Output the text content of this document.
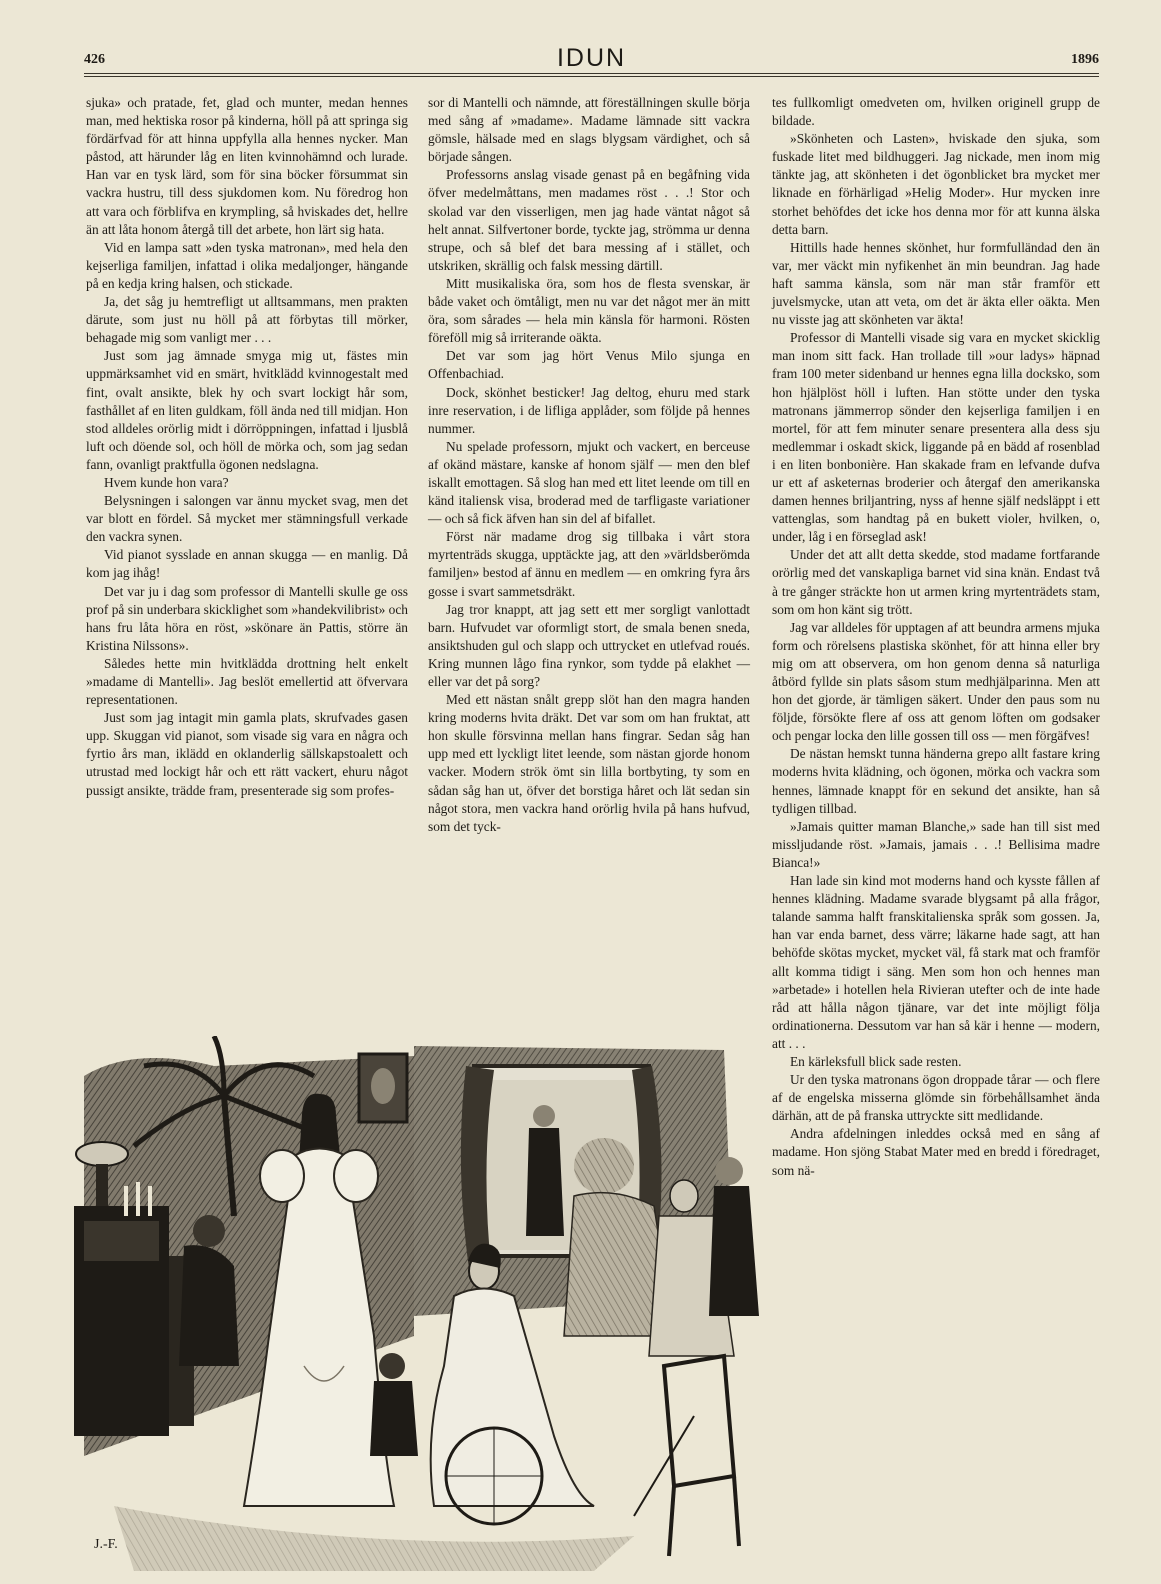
426	IDUN	1896

sjuka» och pratade, fet, glad och munter, medan hennes man, med hektiska rosor på kinderna, höll på att springa sig fördärfvad för att hinna uppfylla alla hennes nycker. Man påstod, att härunder låg en liten kvinnohämnd och lurade. Han var en tysk lärd, som för sina böcker försummat sin vackra hustru, till dess sjukdomen kom. Nu föredrog hon att vara och förblifva en krympling, så hviskades det, hellre än att låta honom återgå till det arbete, hon lärt sig hata.

Vid en lampa satt »den tyska matronan», med hela den kejserliga familjen, infattad i olika medaljonger, hängande på en kedja kring halsen, och stickade.

Ja, det såg ju hemtrefligt ut alltsammans, men prakten därute, som just nu höll på att förbytas till mörker, behagade mig som vanligt mer . . .

Just som jag ämnade smyga mig ut, fästes min uppmärksamhet vid en smärt, hvitklädd kvinnogestalt med fint, ovalt ansikte, blek hy och svart lockigt hår som, fasthållet af en liten guldkam, föll ända ned till midjan. Hon stod alldeles orörlig midt i dörröppningen, infattad i ljusblå luft och döende sol, och höll de mörka och, som jag sedan fann, ovanligt praktfulla ögonen nedslagna.

Hvem kunde hon vara?

Belysningen i salongen var ännu mycket svag, men det var blott en fördel. Så mycket mer stämningsfull verkade den vackra synen.

Vid pianot sysslade en annan skugga — en manlig. Då kom jag ihåg!

Det var ju i dag som professor di Mantelli skulle ge oss prof på sin underbara skicklighet som »handekvilibrist» och hans fru låta höra en röst, »skönare än Pattis, större än Kristina Nilssons».

Således hette min hvitklädda drottning helt enkelt »madame di Mantelli». Jag beslöt emellertid att öfvervara representationen.

Just som jag intagit min gamla plats, skrufvades gasen upp. Skuggan vid pianot, som visade sig vara en några och fyrtio års man, iklädd en oklanderlig sällskapstoalett och utrustad med lockigt hår och ett rätt vackert, ehuru något pussigt ansikte, trädde fram, presenterade sig som profes-

sor di Mantelli och nämnde, att föreställningen skulle börja med sång af »madame». Madame lämnade sitt vackra gömsle, hälsade med en slags blygsam värdighet, och så började sången.

Professorns anslag visade genast på en begåfning vida öfver medelmåttans, men madames röst . . .! Stor och skolad var den visserligen, men jag hade väntat något så helt annat. Silfvertoner borde, tyckte jag, strömma ur denna strupe, och så blef det bara messing af i stället, och utskriken, skrällig och falsk messing därtill.

Mitt musikaliska öra, som hos de flesta svenskar, är både vaket och ömtåligt, men nu var det något mer än mitt öra, som sårades — hela min känsla för harmoni. Rösten föreföll mig så irriterande oäkta.

Det var som jag hört Venus Milo sjunga en Offenbachiad.

Dock, skönhet besticker! Jag deltog, ehuru med stark inre reservation, i de lifliga applåder, som följde på hennes nummer.

Nu spelade professorn, mjukt och vackert, en berceuse af okänd mästare, kanske af honom själf — men den blef iskallt emottagen. Så slog han med ett litet leende om till en känd italiensk visa, broderad med de tarfligaste variationer — och så fick äfven han sin del af bifallet.

Först när madame drog sig tillbaka i vårt stora myrtenträds skugga, upptäckte jag, att den »världsberömda familjen» bestod af ännu en medlem — en omkring fyra års gosse i svart sammetsdräkt.

Jag tror knappt, att jag sett ett mer sorgligt vanlottadt barn. Hufvudet var oformligt stort, de smala benen sneda, ansiktshuden gul och slapp och uttrycket en utlefvad roués. Kring munnen lågo fina rynkor, som tydde på elakhet — eller var det på sorg?

Med ett nästan snålt grepp slöt han den magra handen kring moderns hvita dräkt. Det var som om han fruktat, att hon skulle försvinna mellan hans fingrar. Sedan såg han upp med ett lyckligt litet leende, som nästan gjorde honom vacker. Modern strök ömt sin lilla bortbyting, ty som en sådan såg han ut, öfver det borstiga håret och lät sedan sin något stora, men vackra hand orörlig hvila på hans hufvud, som det tyck-

tes fullkomligt omedveten om, hvilken originell grupp de bildade.

»Skönheten och Lasten», hviskade den sjuka, som fuskade litet med bildhuggeri. Jag nickade, men inom mig tänkte jag, att skönheten i det ögonblicket bra mycket mer liknade en förhärligad »Helig Moder». Hur mycken inre storhet behöfdes det icke hos denna mor för att kunna älska detta barn.

Hittills hade hennes skönhet, hur formfulländad den än var, mer väckt min nyfikenhet än min beundran. Jag hade haft samma känsla, som när man står framför ett juvelsmycke, utan att veta, om det är äkta eller oäkta. Men nu visste jag att skönheten var äkta!

Professor di Mantelli visade sig vara en mycket skicklig man inom sitt fack. Han trollade till »our ladys» häpnad fram 100 meter sidenband ur hennes egna lilla docksko, som hon hjälplöst höll i luften. Han stötte under den tyska matronans jämmerrop sönder den kejserliga familjen i en mortel, för att fem minuter senare presentera alla dess sju medlemmar i oskadt skick, liggande på en bädd af rosenblad i en liten bonbonière. Han skakade fram en lefvande dufva ur ett af asketernas broderier och återgaf den amerikanska damen hennes briljantring, nyss af henne själf nedsläppt i ett vattenglas, som handtag på en bukett violer, hvilken, o, under, låg i en förseglad ask!

Under det att allt detta skedde, stod madame fortfarande orörlig med det vanskapliga barnet vid sina knän. Endast två à tre gånger sträckte hon ut armen kring myrtenträdets stam, som om hon känt sig trött.

Jag var alldeles för upptagen af att beundra armens mjuka form och rörelsens plastiska skönhet, för att hinna eller bry mig om att observera, om hon genom denna så naturliga åtbörd fyllde sin plats såsom stum medhjälparinna. Men att hon det gjorde, är tämligen säkert. Under den paus som nu följde, försökte flere af oss att genom löften om godsaker och pengar locka den lille gossen till oss — men förgäfves!

De nästan hemskt tunna händerna grepo allt fastare kring moderns hvita klädning, och ögonen, mörka och vackra som hennes, lämnade knappt för en sekund det ansikte, han så tydligen tillbad.

»Jamais quitter maman Blanche,» sade han till sist med missljudande röst. »Jamais, jamais . . .! Bellisima madre Bianca!»

Han lade sin kind mot moderns hand och kysste fållen af hennes klädning. Madame svarade blygsamt på alla frågor, talande samma halft franskitalienska språk som gossen. Ja, han var enda barnet, dess värre; läkarne hade sagt, att han behöfde skötas mycket, mycket väl, få stark mat och framför allt komma tidigt i säng. Men som hon och hennes man »arbetade» i hotellen hela Rivieran utefter och de inte hade råd att hålla någon tjänare, var det inte möjligt följa ordinationerna. Dessutom var han så kär i henne — modern, att . . .

En kärleksfull blick sade resten.

Ur den tyska matronans ögon droppade tårar — och flere af de engelska misserna glömde sin förbehållsamhet ända därhän, att de på franska uttryckte sitt medlidande.

Andra afdelningen inleddes också med en sång af madame. Hon sjöng Stabat Mater med en bredd i föredraget, som nä-

J.-F.
